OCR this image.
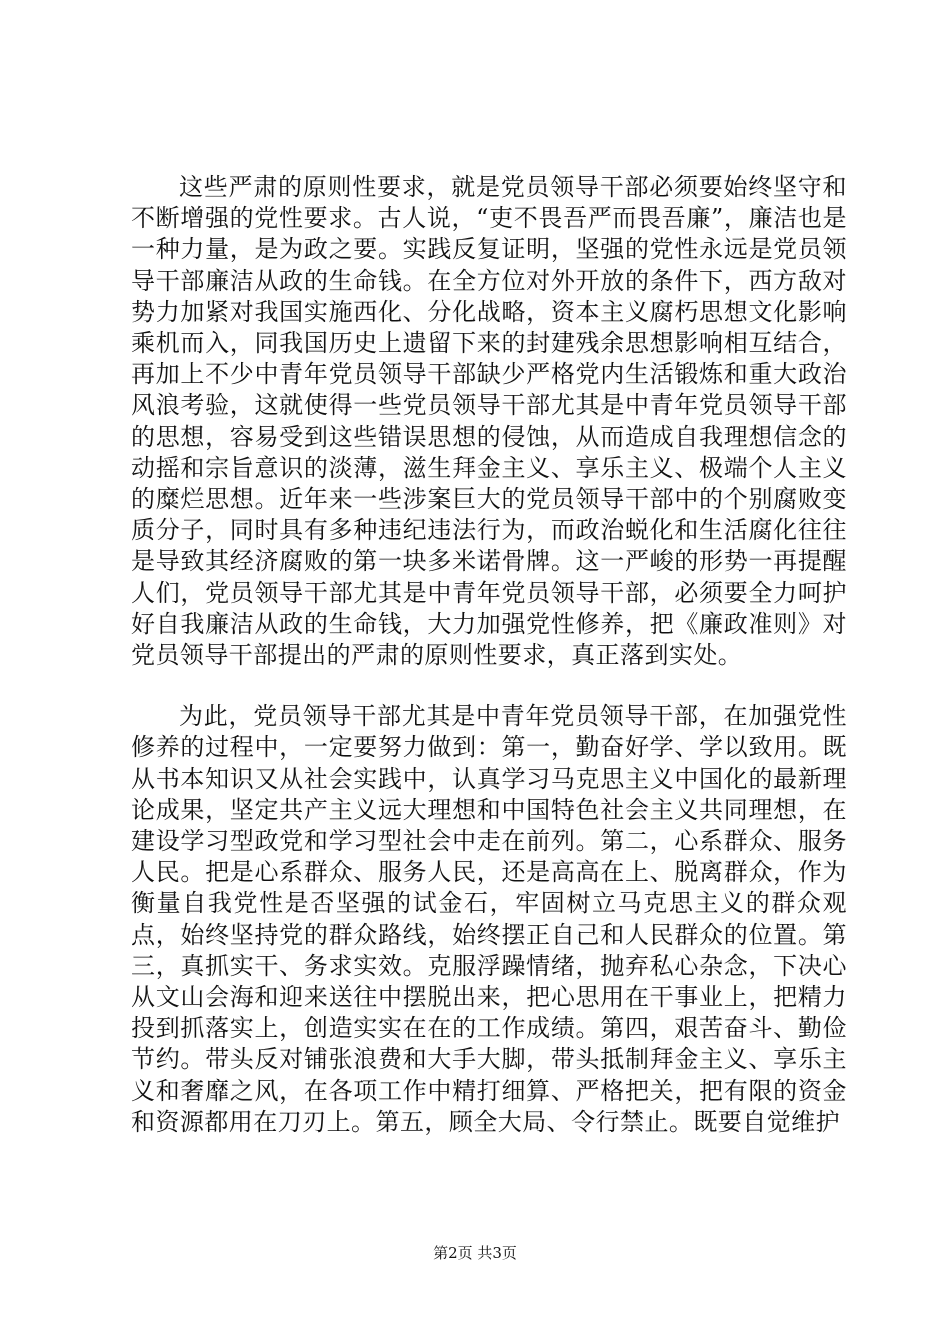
这些严肃的原则性要求，就是党员领导干部必须要始终坚守和不断增强的党性要求。古人说，“吏不畏吾严而畏吾廉”，廉洁也是一种力量，是为政之要。实践反复证明，坚强的党性永远是党员领导干部廉洁从政的生命钱。在全方位对外开放的条件下，西方敌对势力加紧对我国实施西化、分化战略，资本主义腐朽思想文化影响乘机而入，同我国历史上遗留下来的封建残余思想影响相互结合，再加上不少中青年党员领导干部缺少严格党内生活锻炼和重大政治风浪考验，这就使得一些党员领导干部尤其是中青年党员领导干部的思想，容易受到这些错误思想的侵蚀，从而造成自我理想信念的动摇和宗旨意识的淡薄，滋生拜金主义、享乐主义、极端个人主义的糜烂思想。近年来一些涉案巨大的党员领导干部中的个别腐败变质分子，同时具有多种违纪违法行为，而政治蜕化和生活腐化往往是导致其经济腐败的第一块多米诺骨牌。这一严峻的形势一再提醒人们，党员领导干部尤其是中青年党员领导干部，必须要全力呵护好自我廉洁从政的生命钱，大力加强党性修养，把《廉政准则》对党员领导干部提出的严肃的原则性要求，真正落到实处。

为此，党员领导干部尤其是中青年党员领导干部，在加强党性修养的过程中，一定要努力做到：第一，勤奋好学、学以致用。既从书本知识又从社会实践中，认真学习马克思主义中国化的最新理论成果，坚定共产主义远大理想和中国特色社会主义共同理想，在建设学习型政党和学习型社会中走在前列。第二，心系群众、服务人民。把是心系群众、服务人民，还是高高在上、脱离群众，作为衡量自我党性是否坚强的试金石，牢固树立马克思主义的群众观点，始终坚持党的群众路线，始终摆正自己和人民群众的位置。第三，真抓实干、务求实效。克服浮躁情绪，抛弃私心杂念，下决心从文山会海和迎来送往中摆脱出来，把心思用在干事业上，把精力投到抓落实上，创造实实在在的工作成绩。第四，艰苦奋斗、勤俭节约。带头反对铺张浪费和大手大脚，带头抵制拜金主义、享乐主义和奢靡之风，在各项工作中精打细算、严格把关，把有限的资金和资源都用在刀刃上。第五，顾全大局、令行禁止。既要自觉维护

第2页 共3页
